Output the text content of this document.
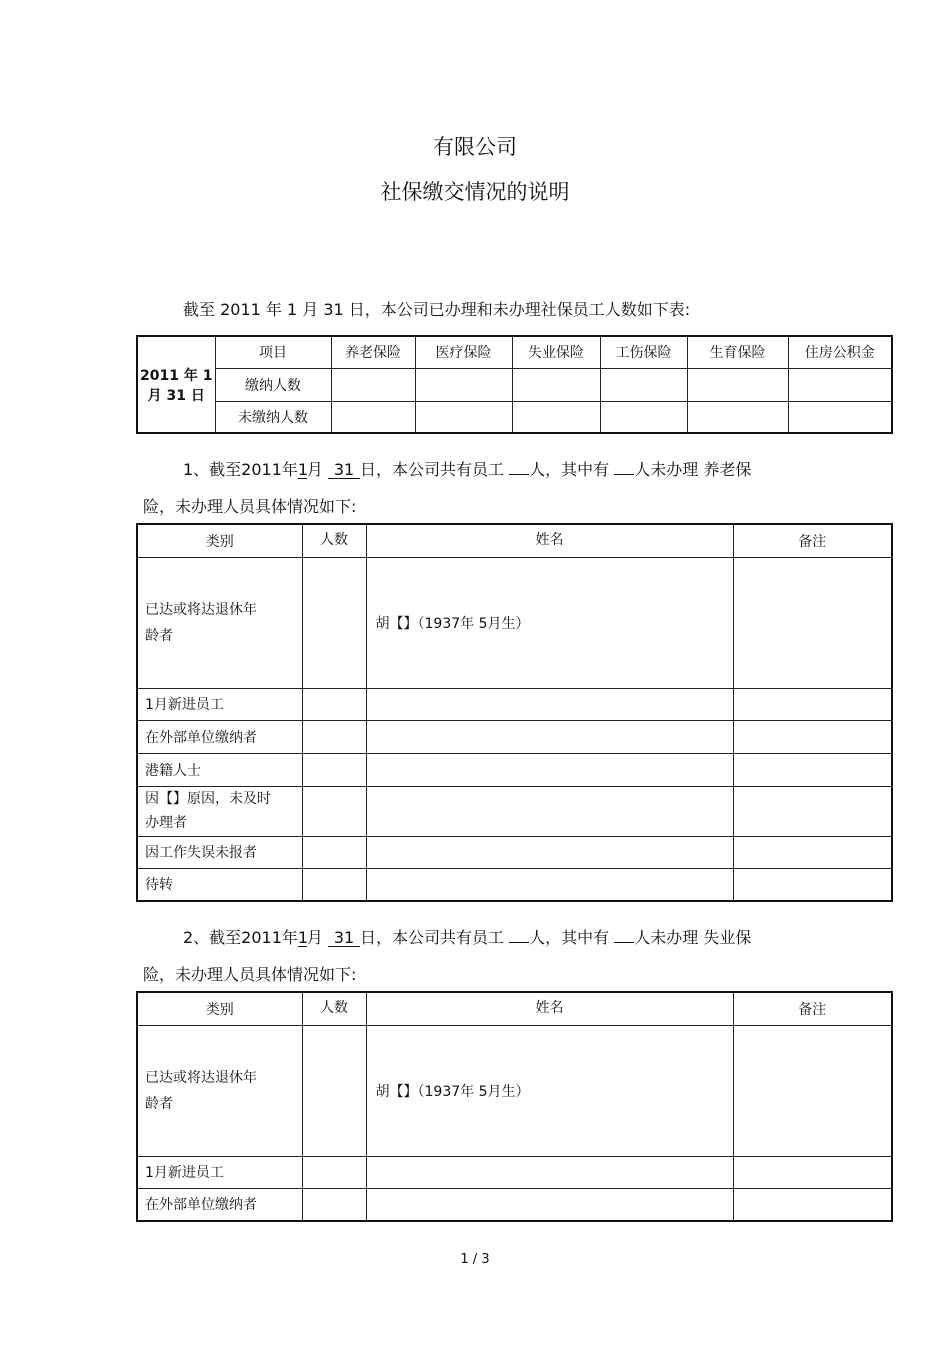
有限公司
社保缴交情况的说明
截至 2011 年 1 月 31 日，本公司已办理和未办理社保员工人数如下表:
2011 年 1
月 31 日	项目	养老保险	医疗保险	失业保险	工伤保险	生育保险	住房公积金
	缴纳人数						
	未缴纳人数						
1、截至2011年1月 31 日，本公司共有员工 人，其中有 人未办理 养老保
险，未办理人员具体情况如下:
类别	人数	姓名	备注

已达或将达退休年
龄者		胡【】（1937年 5月生）	
1月新进员工			
在外部单位缴纳者			
港籍人士			

因【】原因，未及时
办理者			

因工作失误未报者			
待转			
2、截至2011年1月 31 日，本公司共有员工 人，其中有 人未办理 失业保
险，未办理人员具体情况如下:
类别	人数	姓名	备注

已达或将达退休年
龄者		胡【】（1937年 5月生）	
1月新进员工			
在外部单位缴纳者			
1 / 3
